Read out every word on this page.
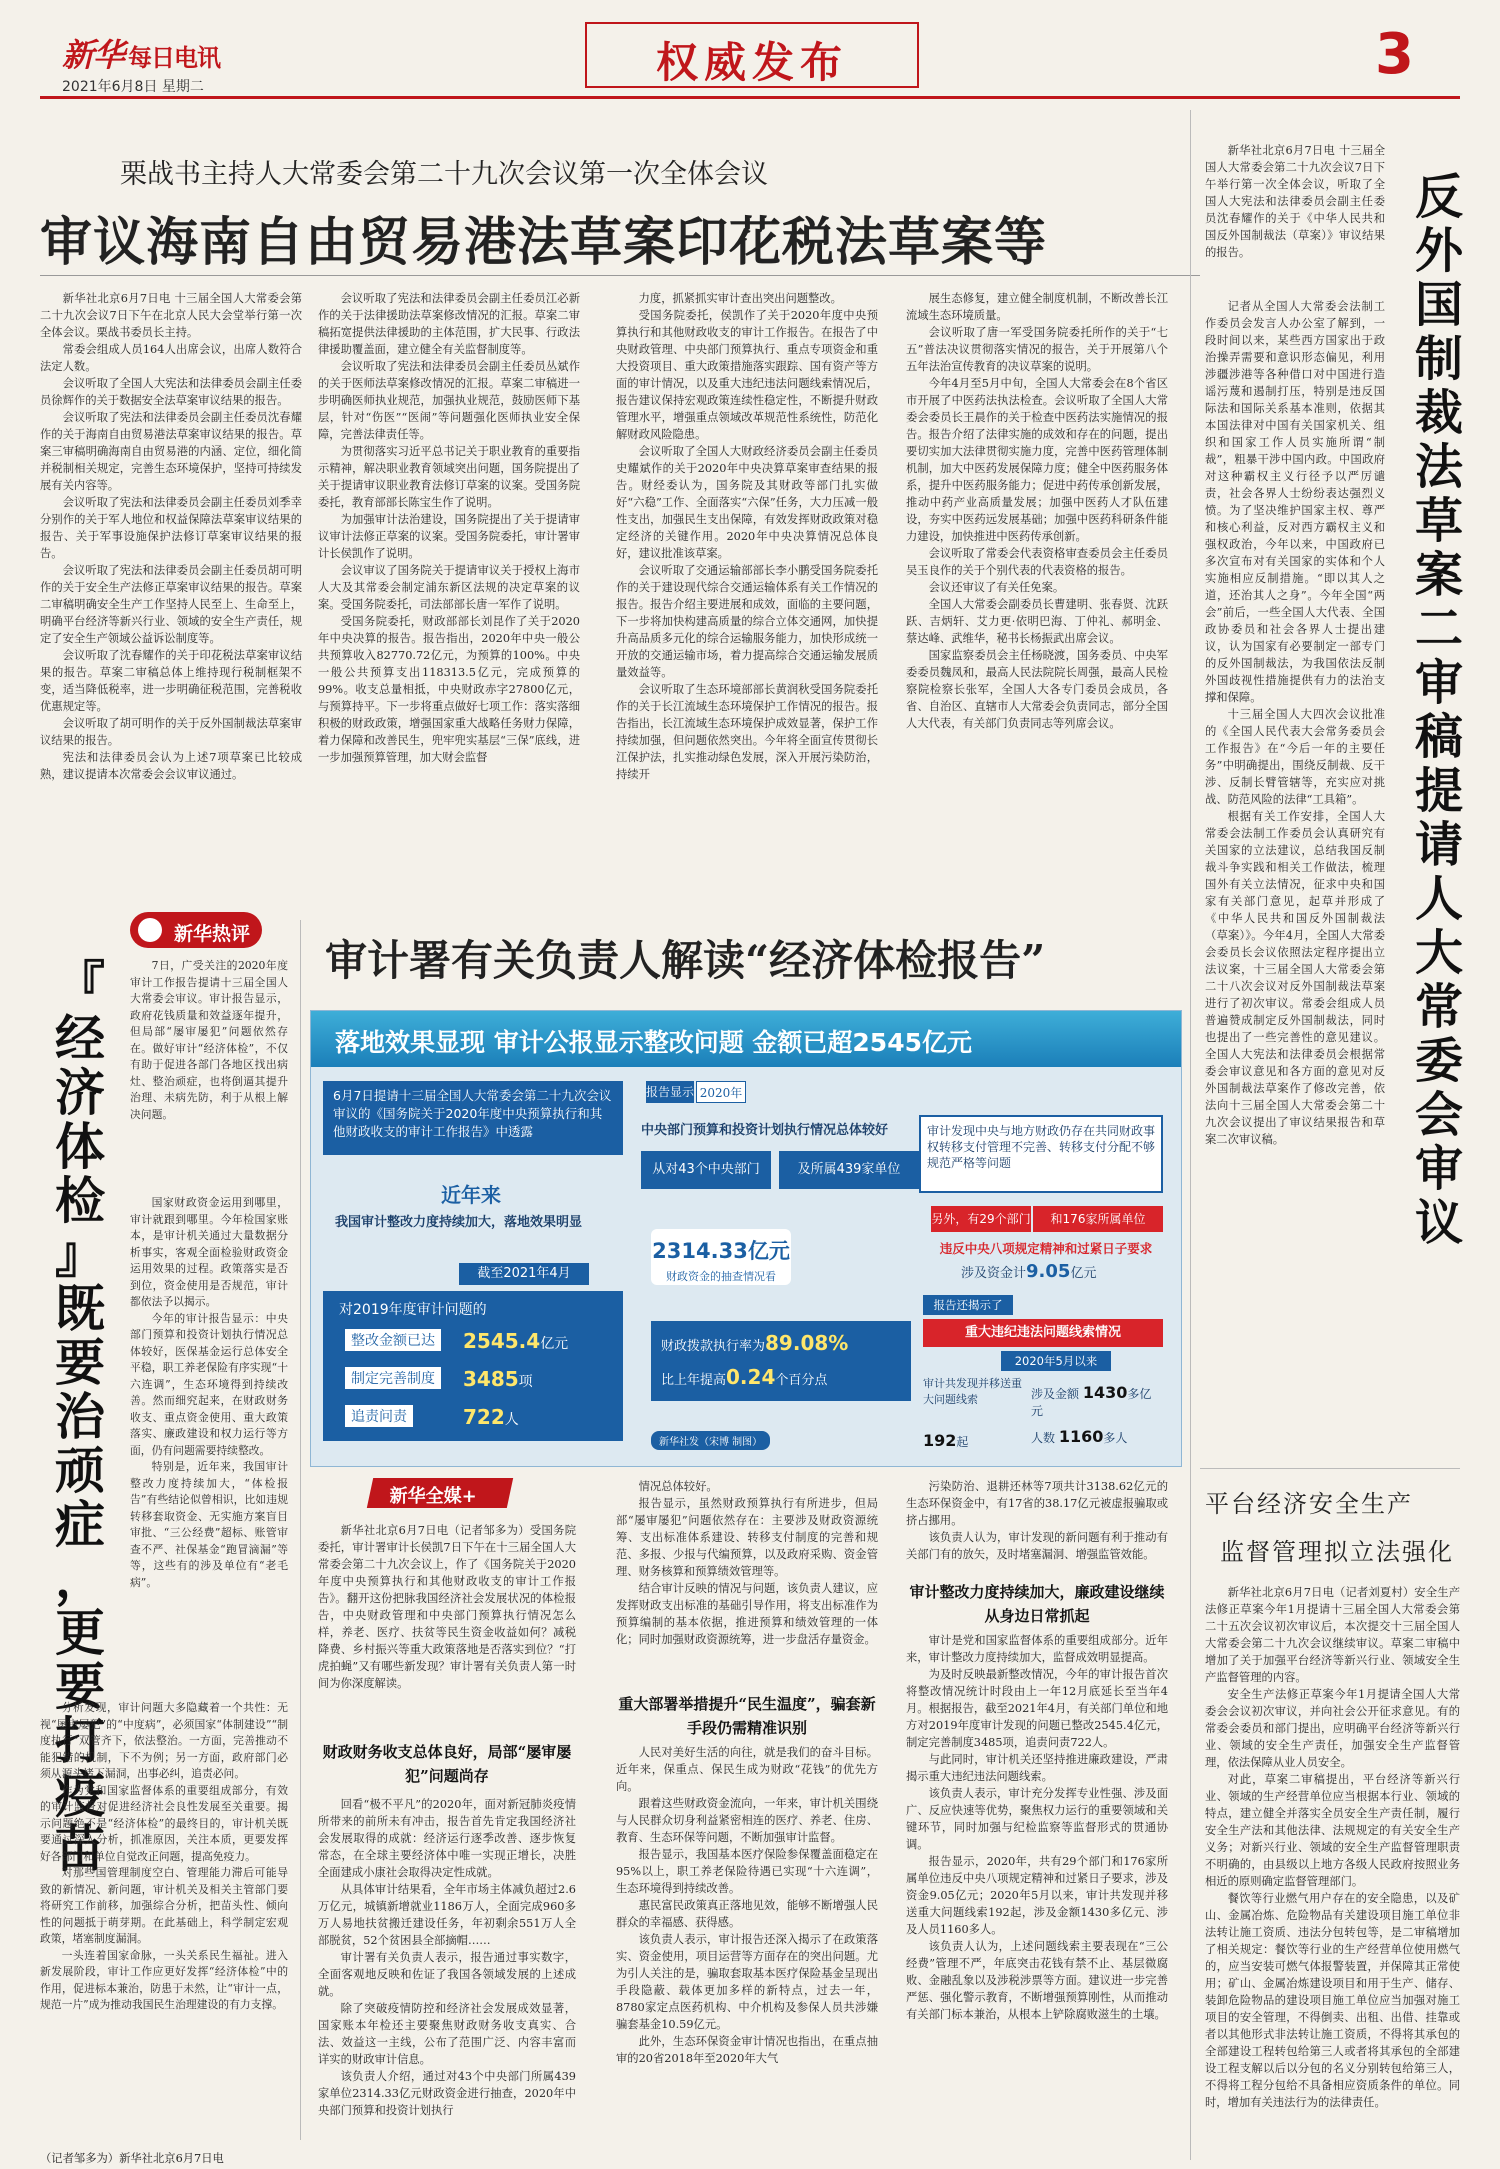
新华 每日电讯
2021年6月8日 星期二	权威发布	3
栗战书主持人大常委会第二十九次会议第一次全体会议
审议海南自由贸易港法草案印花税法草案等

新华社北京6月7日电 十三届全国人大常委会第二十九次会议7日下午在北京人民大会堂举行第一次全体会议。栗战书委员长主持。

常委会组成人员164人出席会议，出席人数符合法定人数。

会议听取了全国人大宪法和法律委员会副主任委员徐辉作的关于数据安全法草案审议结果的报告。

会议听取了宪法和法律委员会副主任委员沈春耀作的关于海南自由贸易港法草案审议结果的报告。草案三审稿明确海南自由贸易港的内涵、定位，细化简并税制相关规定，完善生态环境保护，坚持可持续发展有关内容等。

会议听取了宪法和法律委员会副主任委员刘季幸分别作的关于军人地位和权益保障法草案审议结果的报告、关于军事设施保护法修订草案审议结果的报告。

会议听取了宪法和法律委员会副主任委员胡可明作的关于安全生产法修正草案审议结果的报告。草案二审稿明确安全生产工作坚持人民至上、生命至上，明确平台经济等新兴行业、领域的安全生产责任，规定了安全生产领域公益诉讼制度等。

会议听取了沈春耀作的关于印花税法草案审议结果的报告。草案二审稿总体上维持现行税制框架不变，适当降低税率，进一步明确征税范围，完善税收优惠规定等。

会议听取了胡可明作的关于反外国制裁法草案审议结果的报告。

宪法和法律委员会认为上述7项草案已比较成熟，建议提请本次常委会会议审议通过。

会议听取了宪法和法律委员会副主任委员江必新作的关于法律援助法草案修改情况的汇报。草案二审稿拓宽提供法律援助的主体范围，扩大民事、行政法律援助覆盖面，建立健全有关监督制度等。

会议听取了宪法和法律委员会副主任委员丛斌作的关于医师法草案修改情况的汇报。草案二审稿进一步明确医师执业规范，加强执业规范，鼓励医师下基层，针对“伤医”“医闹”等问题强化医师执业安全保障，完善法律责任等。

为贯彻落实习近平总书记关于职业教育的重要指示精神，解决职业教育领域突出问题，国务院提出了关于提请审议职业教育法修订草案的议案。受国务院委托，教育部部长陈宝生作了说明。

为加强审计法治建设，国务院提出了关于提请审议审计法修正草案的议案。受国务院委托，审计署审计长侯凯作了说明。

会议审议了国务院关于提请审议关于授权上海市人大及其常委会制定浦东新区法规的决定草案的议案。受国务院委托，司法部部长唐一军作了说明。

受国务院委托，财政部部长刘昆作了关于2020年中央决算的报告。报告指出，2020年中央一般公共预算收入82770.72亿元，为预算的100%。中央一般公共预算支出118313.5亿元，完成预算的99%。收支总量相抵，中央财政赤字27800亿元，与预算持平。下一步将重点做好七项工作：落实落细积极的财政政策，增强国家重大战略任务财力保障，着力保障和改善民生，兜牢兜实基层“三保”底线，进一步加强预算管理，加大财会监督

力度，抓紧抓实审计查出突出问题整改。

受国务院委托，侯凯作了关于2020年度中央预算执行和其他财政收支的审计工作报告。在报告了中央财政管理、中央部门预算执行、重点专项资金和重大投资项目、重大政策措施落实跟踪、国有资产等方面的审计情况，以及重大违纪违法问题线索情况后，报告建议保持宏观政策连续性稳定性，不断提升财政管理水平，增强重点领域改革规范性系统性，防范化解财政风险隐患。

会议听取了全国人大财政经济委员会副主任委员史耀斌作的关于2020年中央决算草案审查结果的报告。财经委认为，国务院及其财政等部门扎实做好“六稳”工作、全面落实“六保”任务，大力压减一般性支出，加强民生支出保障，有效发挥财政政策对稳定经济的关键作用。2020年中央决算情况总体良好，建议批准该草案。

会议听取了交通运输部部长李小鹏受国务院委托作的关于建设现代综合交通运输体系有关工作情况的报告。报告介绍主要进展和成效，面临的主要问题，下一步将加快构建高质量的综合立体交通网，加快提升高品质多元化的综合运输服务能力，加快形成统一开放的交通运输市场，着力提高综合交通运输发展质量效益等。

会议听取了生态环境部部长黄润秋受国务院委托作的关于长江流域生态环境保护工作情况的报告。报告指出，长江流域生态环境保护成效显著，保护工作持续加强，但问题依然突出。今年将全面宣传贯彻长江保护法，扎实推动绿色发展，深入开展污染防治，持续开

展生态修复，建立健全制度机制，不断改善长江流域生态环境质量。

会议听取了唐一军受国务院委托所作的关于“七五”普法决议贯彻落实情况的报告，关于开展第八个五年法治宣传教育的决议草案的说明。

今年4月至5月中旬，全国人大常委会在8个省区市开展了中医药法执法检查。会议听取了全国人大常委会委员长王晨作的关于检查中医药法实施情况的报告。报告介绍了法律实施的成效和存在的问题，提出要切实加大法律贯彻实施力度，完善中医药管理体制机制，加大中医药发展保障力度；健全中医药服务体系，提升中医药服务能力；促进中药传承创新发展，推动中药产业高质量发展；加强中医药人才队伍建设，夯实中医药远发展基础；加强中医药科研条件能力建设，加快推进中医药传承创新。

会议听取了常委会代表资格审查委员会主任委员吴玉良作的关于个别代表的代表资格的报告。

会议还审议了有关任免案。

全国人大常委会副委员长曹建明、张春贤、沈跃跃、吉炳轩、艾力更·依明巴海、丁仲礼、郝明金、蔡达峰、武维华，秘书长杨振武出席会议。

国家监察委员会主任杨晓渡，国务委员、中央军委委员魏凤和，最高人民法院院长周强，最高人民检察院检察长张军，全国人大各专门委员会成员，各省、自治区、直辖市人大常委会负责同志，部分全国人大代表，有关部门负责同志等列席会议。

新华社北京6月7日电 十三届全国人大常委会第二十九次会议7日下午举行第一次全体会议，听取了全国人大宪法和法律委员会副主任委员沈春耀作的关于《中华人民共和国反外国制裁法（草案）》审议结果的报告。

反
外
国
制
裁
法
草
案
二
审
稿
提
请
人
大
常
委
会
审
议

记者从全国人大常委会法制工作委员会发言人办公室了解到，一段时间以来，某些西方国家出于政治操弄需要和意识形态偏见，利用涉疆涉港等各种借口对中国进行造谣污蔑和遏制打压，特别是违反国际法和国际关系基本准则，依据其本国法律对中国有关国家机关、组织和国家工作人员实施所谓“制裁”，粗暴干涉中国内政。中国政府对这种霸权主义行径予以严厉谴责，社会各界人士纷纷表达强烈义愤。为了坚决维护国家主权、尊严和核心利益，反对西方霸权主义和强权政治，今年以来，中国政府已多次宣布对有关国家的实体和个人实施相应反制措施。“即以其人之道，还治其人之身”。今年全国“两会”前后，一些全国人大代表、全国政协委员和社会各界人士提出建议，认为国家有必要制定一部专门的反外国制裁法，为我国依法反制外国歧视性措施提供有力的法治支撑和保障。

十三届全国人大四次会议批准的《全国人民代表大会常务委员会工作报告》在“今后一年的主要任务”中明确提出，围绕反制裁、反干涉、反制长臂管辖等，充实应对挑战、防范风险的法律“工具箱”。

根据有关工作安排，全国人大常委会法制工作委员会认真研究有关国家的立法建议，总结我国反制裁斗争实践和相关工作做法，梳理国外有关立法情况，征求中央和国家有关部门意见，起草并形成了《中华人民共和国反外国制裁法（草案）》。今年4月，全国人大常委会委员长会议依照法定程序提出立法议案，十三届全国人大常委会第二十八次会议对反外国制裁法草案进行了初次审议。常委会组成人员普遍赞成制定反外国制裁法，同时也提出了一些完善性的意见建议。全国人大宪法和法律委员会根据常委会审议意见和各方面的意见对反外国制裁法草案作了修改完善，依法向十三届全国人大常委会第二十九次会议提出了审议结果报告和草案二次审议稿。

新华热评
『
经
济
体
检
』
既
要
治
顽
症
，
更
要
打
疫
苗

7日，广受关注的2020年度审计工作报告提请十三届全国人大常委会审议。审计报告显示，政府花钱质量和效益逐年提升，但局部“屡审屡犯”问题依然存在。做好审计“经济体检”，不仅有助于促进各部门各地区找出病灶、整治顽症，也将倒逼其提升治理、未病先防，利于从根上解决问题。

国家财政资金运用到哪里，审计就跟到哪里。今年检国家账本，是审计机关通过大量数据分析事实，客观全面检验财政资金运用效果的过程。政策落实是否到位，资金使用是否规范，审计都依法予以揭示。

今年的审计报告显示：中央部门预算和投资计划执行情况总体较好，医保基金运行总体安全平稳，职工养老保险有序实现“十六连调”，生态环境得到持续改善。然而细究起来，在财政财务收支、重点资金使用、重大政策落实、廉政建设和权力运行等方面，仍有问题需要持续整改。

特别是，近年来，我国审计整改力度持续加大，“体检报告”有些结论似曾相识，比如违规转移套取资金、无实施方案盲目审批、“三公经费”超标、账管审查不严、社保基金“跑冒滴漏”等等，这些有的涉及单位有“老毛病”。

分析发现，审计问题大多隐藏着一个共性：无视“屡审屡犯”的“中度病”，必须国家“体制建设”“制度执行”双管齐下，依法整治。一方面，完善推动不能犯错的机制，下不为例；另一方面，政府部门必须从源头堵下漏洞，出事必纠，追责必问。

作为党和国家监督体系的重要组成部分，有效的审计监督对促进经济社会良性发展至关重要。揭示问题绝不是“经济体检”的最终目的，审计机关既要通过深入分析，抓准原因，关注本质，更要发挥好各部门和单位自觉改正问题，提高免疫力。

对那些国管理制度空白、管理能力滞后可能导致的新情况、新问题，审计机关及相关主管部门要将研究工作前移，加强综合分析，把苗头性、倾向性的问题抵于萌芽期。在此基础上，科学制定宏观政策，堵塞制度漏洞。

一头连着国家命脉，一头关系民生福祉。进入新发展阶段，审计工作应更好发挥“经济体检”中的作用，促进标本兼治，防患于未然，让“审计一点，规范一片”成为推动我国民生治理建设的有力支撑。

（记者邹多为）新华社北京6月7日电
审计署有关负责人解读“经济体检报告”
落地效果显现 审计公报显示整改问题 金额已超2545亿元
6月7日提请十三届全国人大常委会第二十九次会议审议的《国务院关于2020年度中央预算执行和其他财政收支的审计工作报告》中透露
近年来
我国审计整改力度持续加大，落地效果明显
截至2021年4月
对2019年度审计问题的
整改金额已达	2545.4亿元
制定完善制度	3485项
追责问责	722人
报告显示 2020年
中央部门预算和投资计划执行情况总体较好
从对43个中央部门	及所属439家单位
2314.33亿元
财政资金的抽查情况看
财政拨款执行率为89.08%
比上年提高0.24个百分点
审计发现中央与地方财政仍存在共同财政事权转移支付管理不完善、转移支付分配不够规范严格等问题
另外，有29个部门	和176家所属单位
违反中央八项规定精神和过紧日子要求
涉及资金计9.05亿元
报告还揭示了
重大违纪违法问题线索情况
2020年5月以来
审计共发现并移送重大问题线索
192起
涉及金额 1430多亿元
人数 1160多人
新华社发（宋博 制图）
新华全媒+

新华社北京6月7日电（记者邹多为）受国务院委托，审计署审计长侯凯7日下午在十三届全国人大常委会第二十九次会议上，作了《国务院关于2020年度中央预算执行和其他财政收支的审计工作报告》。翻开这份把脉我国经济社会发展状况的体检报告，中央财政管理和中央部门预算执行情况怎么样，养老、医疗、扶贫等民生资金收益如何？减税降费、乡村振兴等重大政策落地是否落实到位？“打虎拍蝇”又有哪些新发现？审计署有关负责人第一时间为你深度解读。

财政财务收支总体良好，局部“屡审屡犯”问题尚存

回看“极不平凡”的2020年，面对新冠肺炎疫情所带来的前所未有冲击，报告首先肯定我国经济社会发展取得的成就：经济运行逐季改善、逐步恢复常态，在全球主要经济体中唯一实现正增长，决胜全面建成小康社会取得决定性成就。

从具体审计结果看，全年市场主体减负超过2.6万亿元，城镇新增就业1186万人，全面完成960多万人易地扶贫搬迁建设任务，年初剩余551万人全部脱贫，52个贫困县全部摘帽……

审计署有关负责人表示，报告通过事实数字，全面客观地反映和佐证了我国各领域发展的上述成就。

除了突破疫情防控和经济社会发展成效显著，国家账本年检还主要聚焦财政财务收支真实、合法、效益这一主线，公布了范围广泛、内容丰富而详实的财政审计信息。

该负责人介绍，通过对43个中央部门所属439家单位2314.33亿元财政资金进行抽查，2020年中央部门预算和投资计划执行

情况总体较好。

报告显示，虽然财政预算执行有所进步，但局部“屡审屡犯”问题依然存在：主要涉及财政资源统筹、支出标准体系建设、转移支付制度的完善和规范、多报、少报与代编预算，以及政府采购、资金管理、财务核算和预算绩效管理等。

结合审计反映的情况与问题，该负责人建议，应发挥财政支出标准的基础引导作用，将支出标准作为预算编制的基本依据，推进预算和绩效管理的一体化；同时加强财政资源统筹，进一步盘活存量资金。

重大部署举措提升“民生温度”，骗套新手段仍需精准识别

人民对美好生活的向往，就是我们的奋斗目标。近年来，保重点、保民生成为财政“花钱”的优先方向。

跟着这些财政资金流向，一年来，审计机关围绕与人民群众切身利益紧密相连的医疗、养老、住房、教育、生态环保等问题，不断加强审计监督。

报告显示，我国基本医疗保险参保覆盖面稳定在95%以上，职工养老保险待遇已实现“十六连调”，生态环境得到持续改善。

惠民富民政策真正落地见效，能够不断增强人民群众的幸福感、获得感。

该负责人表示，审计报告还深入揭示了在政策落实、资金使用，项目运营等方面存在的突出问题。尤为引人关注的是，骗取套取基本医疗保险基金呈现出手段隐蔽、载体更加多样的新特点，过去一年，8780家定点医药机构、中介机构及参保人员共涉嫌骗套基金10.59亿元。

此外，生态环保资金审计情况也指出，在重点抽审的20省2018年至2020年大气

污染防治、退耕还林等7项共计3138.62亿元的生态环保资金中，有17省的38.17亿元被虚报骗取或挤占挪用。

该负责人认为，审计发现的新问题有利于推动有关部门有的放矢，及时堵塞漏洞、增强监管效能。

审计整改力度持续加大，廉政建设继续从身边日常抓起

审计是党和国家监督体系的重要组成部分。近年来，审计整改力度持续加大，监督成效明显提高。

为及时反映最新整改情况，今年的审计报告首次将整改情况统计时段由上一年12月底延长至当年4月。根据报告，截至2021年4月，有关部门单位和地方对2019年度审计发现的问题已整改2545.4亿元，制定完善制度3485项，追责问责722人。

与此同时，审计机关还坚持推进廉政建设，严肃揭示重大违纪违法问题线索。

该负责人表示，审计充分发挥专业性强、涉及面广、反应快速等优势，聚焦权力运行的重要领域和关键环节，同时加强与纪检监察等监督形式的贯通协调。

报告显示，2020年，共有29个部门和176家所属单位违反中央八项规定精神和过紧日子要求，涉及资金9.05亿元；2020年5月以来，审计共发现并移送重大问题线索192起，涉及金额1430多亿元、涉及人员1160多人。

该负责人认为，上述问题线索主要表现在“三公经费”管理不严，年底突击花钱有禁不止、基层微腐败、金融乱象以及涉税涉票等方面。建议进一步完善严惩、强化警示教育，不断增强预算刚性，从而推动有关部门标本兼治，从根本上铲除腐败滋生的土壤。

平台经济安全生产
监督管理拟立法强化

新华社北京6月7日电（记者刘夏村）安全生产法修正草案今年1月提请十三届全国人大常委会第二十五次会议初次审议后，本次提交十三届全国人大常委会第二十九次会议继续审议。草案二审稿中增加了关于加强平台经济等新兴行业、领域安全生产监督管理的内容。

安全生产法修正草案今年1月提请全国人大常委会会议初次审议，并向社会公开征求意见。有的常委会委员和部门提出，应明确平台经济等新兴行业、领域的安全生产责任，加强安全生产监督管理，依法保障从业人员安全。

对此，草案二审稿提出，平台经济等新兴行业、领域的生产经营单位应当根据本行业、领域的特点，建立健全并落实全员安全生产责任制，履行安全生产法和其他法律、法规规定的有关安全生产义务；对新兴行业、领域的安全生产监督管理职责不明确的，由县级以上地方各级人民政府按照业务相近的原则确定监督管理部门。

餐饮等行业燃气用户存在的安全隐患，以及矿山、金属冶炼、危险物品有关建设项目施工单位非法转让施工资质、违法分包转包等，是二审稿增加了相关规定：餐饮等行业的生产经营单位使用燃气的，应当安装可燃气体报警装置，并保障其正常使用；矿山、金属冶炼建设项目和用于生产、储存、装卸危险物品的建设项目施工单位应当加强对施工项目的安全管理，不得倒卖、出租、出借、挂靠或者以其他形式非法转让施工资质，不得将其承包的全部建设工程转包给第三人或者将其承包的全部建设工程支解以后以分包的名义分别转包给第三人，不得将工程分包给不具备相应资质条件的单位。同时，增加有关违法行为的法律责任。
